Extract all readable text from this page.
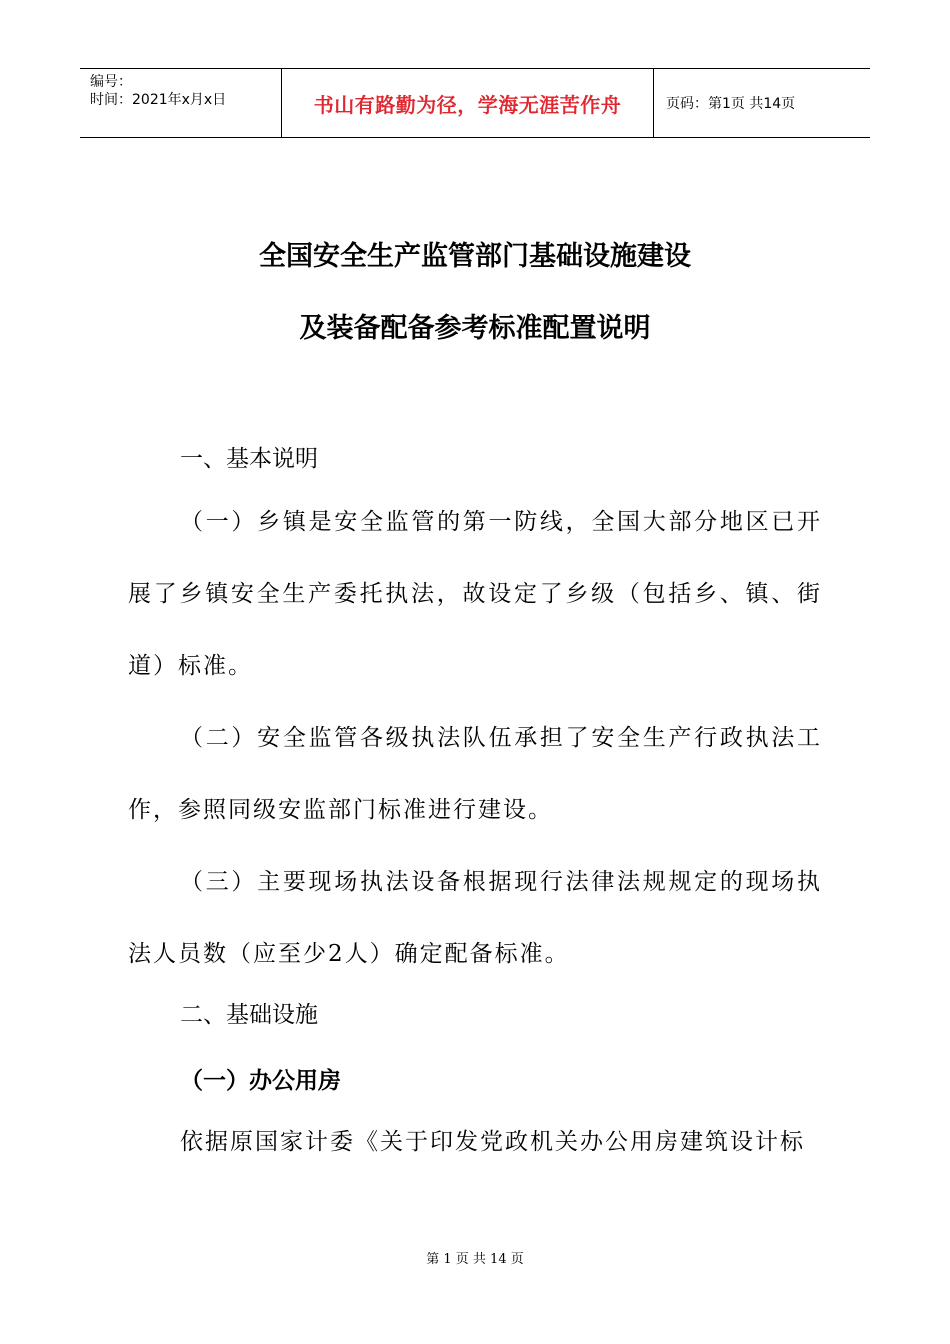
编号：
时间：2021年x月x日	书山有路勤为径，学海无涯苦作舟	页码：第1页 共14页
全国安全生产监管部门基础设施建设
及装备配备参考标准配置说明
一、基本说明
（一）乡镇是安全监管的第一防线，全国大部分地区已开展了乡镇安全生产委托执法，故设定了乡级（包括乡、镇、街道）标准。
（二）安全监管各级执法队伍承担了安全生产行政执法工作，参照同级安监部门标准进行建设。
（三）主要现场执法设备根据现行法律法规规定的现场执法人员数（应至少2人）确定配备标准。
二、基础设施
（一）办公用房
依据原国家计委《关于印发党政机关办公用房建筑设计标
第 1 页 共 14 页
